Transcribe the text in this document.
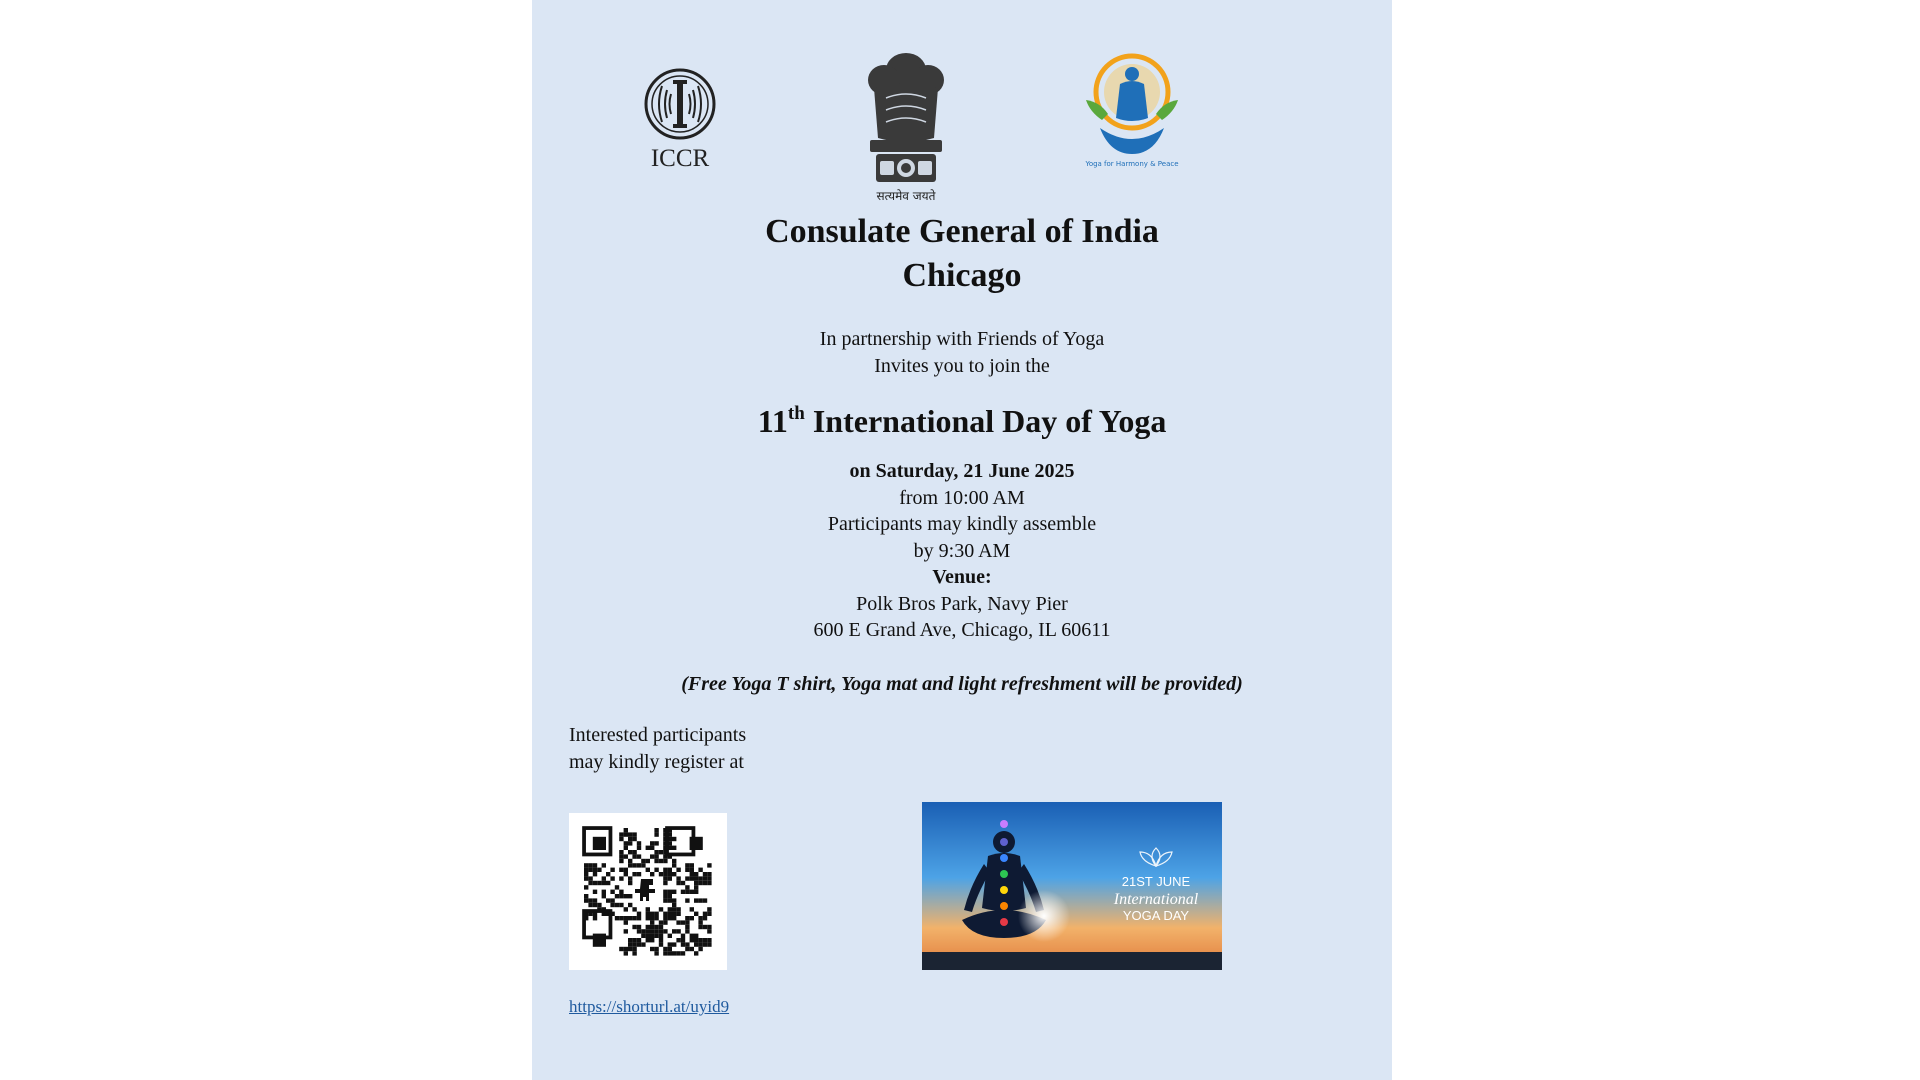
ICCR
सत्यमेव जयते
Yoga for Harmony & Peace
Consulate General of India
Chicago
In partnership with Friends of Yoga
Invites you to join the
11th International Day of Yoga
on Saturday, 21 June 2025
from 10:00 AM
Participants may kindly assemble
by 9:30 AM
Venue:
Polk Bros Park, Navy Pier
600 E Grand Ave, Chicago, IL 60611
(Free Yoga T shirt, Yoga mat and light refreshment will be provided)
Interested participants
may kindly register at
21ST JUNE
International
YOGA DAY
https://shorturl.at/uyid9
